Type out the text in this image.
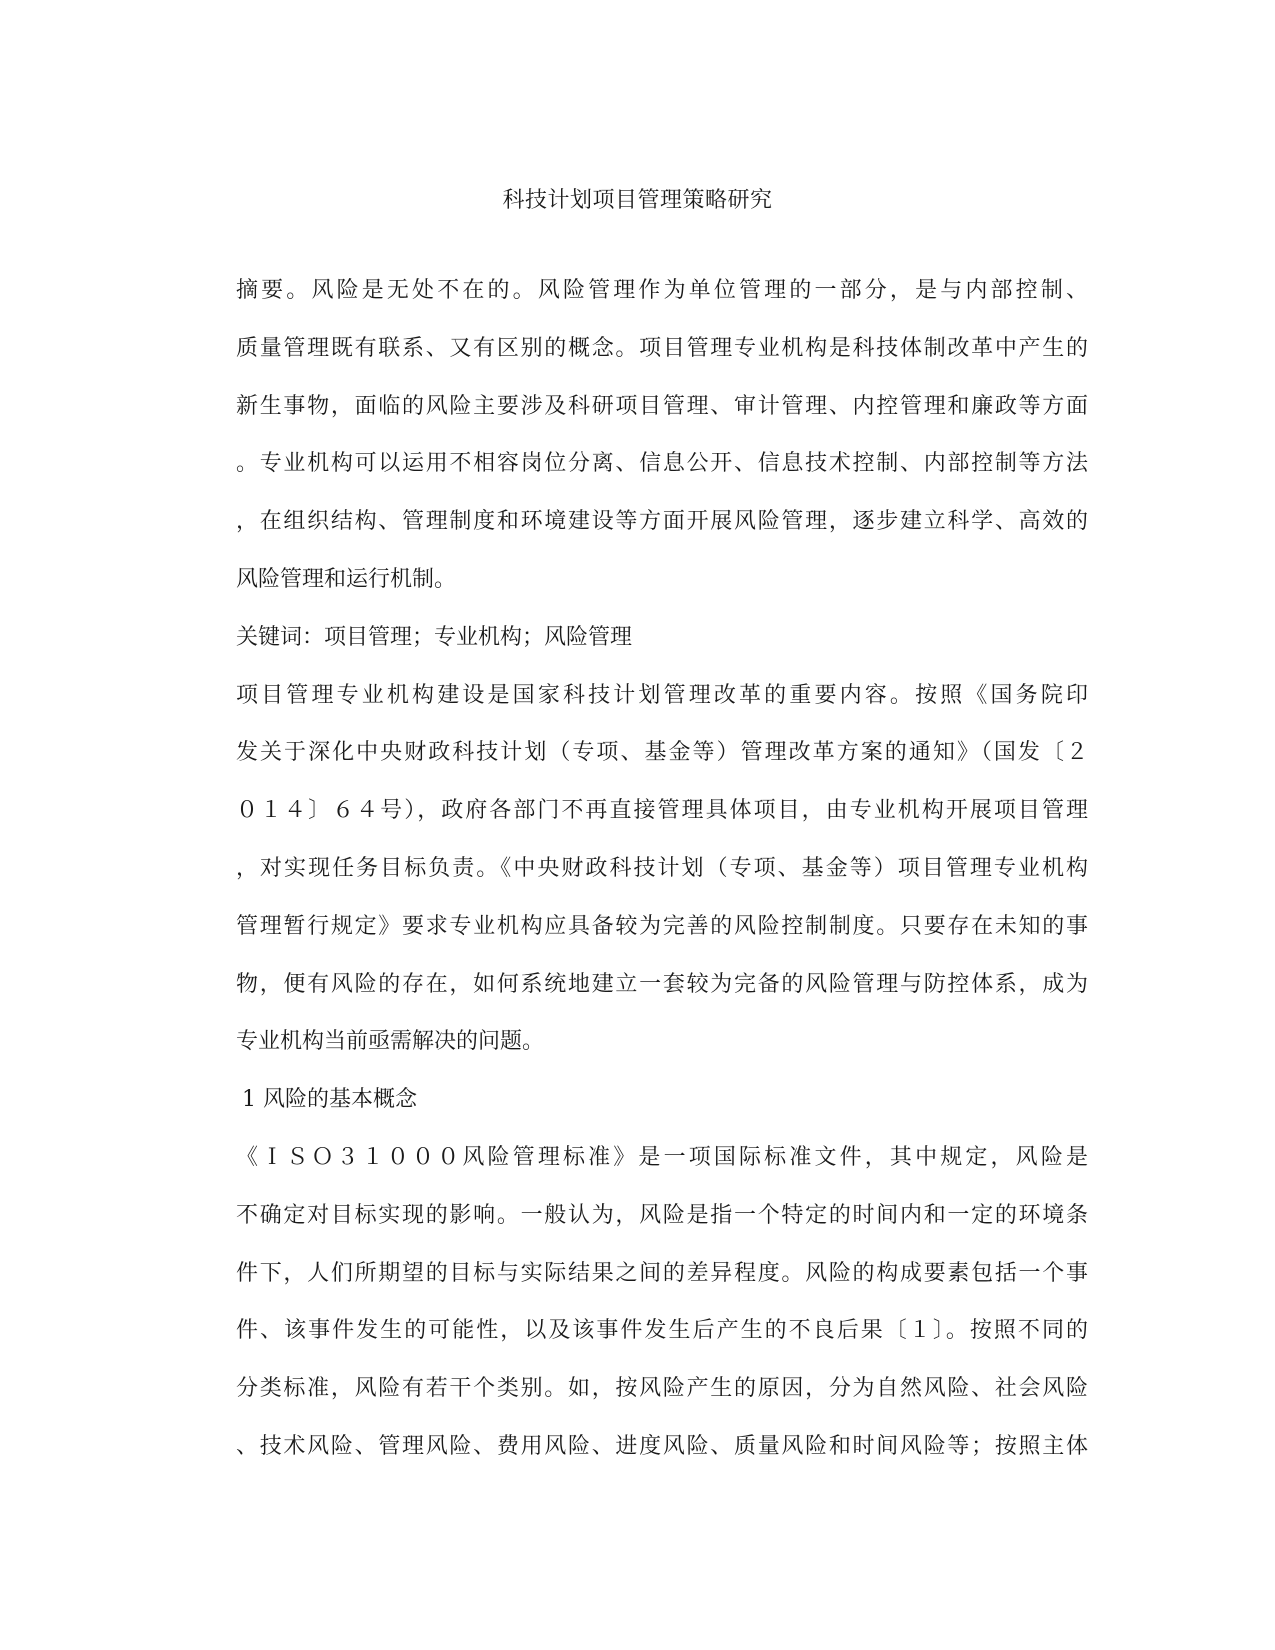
科技计划项目管理策略研究
摘要。风险是无处不在的。风险管理作为单位管理的一部分，是与内部控制、
质量管理既有联系、又有区别的概念。项目管理专业机构是科技体制改革中产生的
新生事物，面临的风险主要涉及科研项目管理、审计管理、内控管理和廉政等方面
。专业机构可以运用不相容岗位分离、信息公开、信息技术控制、内部控制等方法
，在组织结构、管理制度和环境建设等方面开展风险管理，逐步建立科学、高效的
风险管理和运行机制。
关键词：项目管理；专业机构；风险管理
项目管理专业机构建设是国家科技计划管理改革的重要内容。按照《国务院印
发关于深化中央财政科技计划（专项、基金等）管理改革方案的通知》（国发〔２
０１４〕６４号），政府各部门不再直接管理具体项目，由专业机构开展项目管理
，对实现任务目标负责。《中央财政科技计划（专项、基金等）项目管理专业机构
管理暂行规定》要求专业机构应具备较为完善的风险控制制度。只要存在未知的事
物，便有风险的存在，如何系统地建立一套较为完备的风险管理与防控体系，成为
专业机构当前亟需解决的问题。
1 风险的基本概念
《ＩＳＯ３１０００风险管理标准》是一项国际标准文件，其中规定，风险是
不确定对目标实现的影响。一般认为，风险是指一个特定的时间内和一定的环境条
件下，人们所期望的目标与实际结果之间的差异程度。风险的构成要素包括一个事
件、该事件发生的可能性，以及该事件发生后产生的不良后果〔１〕。按照不同的
分类标准，风险有若干个类别。如，按风险产生的原因，分为自然风险、社会风险
、技术风险、管理风险、费用风险、进度风险、质量风险和时间风险等；按照主体
